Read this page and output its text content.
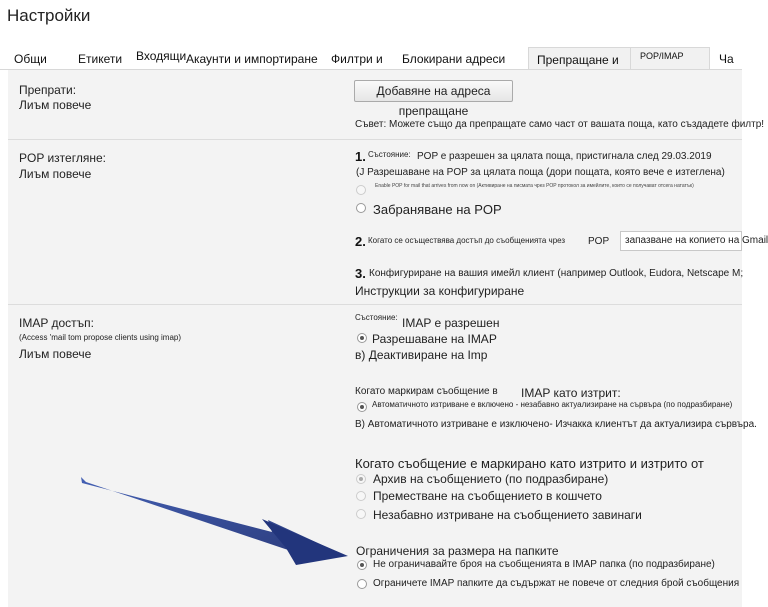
Настройки
Общи	Етикети Входящи Акаунти и импортиране Филтри и Блокирани адреси	Препращане и	POP/IMAP	Ча
Препрати:
Лиъм повече
Добавяне на адреса препращане
Съвет: Можете също да препращате само част от вашата поща, като създадете филтр!
POP изтегляне:
Лиъм повече
1. Състояние: POP е разрешен за цялата поща, пристигнала след 29.03.2019
(J Разрешаване на POP за цялата поща (дори пощата, която вече е изтеглена)
Enable POP for mail that arrives from now on (Активиране на писмата чрез POP протокол за имейлите, които се получават отсега нататък)
Забраняване на POP
2. Когато се осъществява достъп до съобщенията чрез POP	запазване на копието на Gmail
3. Конфигуриране на вашия имейл клиент (например Outlook, Eudora, Netscape M;
Инструкции за конфигуриране
IMAP достъп:
(Access 'mail tom propose clients using imap)
Лиъм повече
Състояние: IMAP е разрешен
Разрешаване на IMAP
в) Деактивиране на Imp
Когато маркирам съобщение в IMAP като изтрит:
Автоматичното изтриване е включено - незабавно актуализиране на сървъра (по подразбиране)
В) Автоматичното изтриване е изключено- Изчакка клиентът да актуализира сървъра.
Когато съобщение е маркирано като изтрито и изтрито от
Архив на съобщението (по подразбиране)
Преместване на съобщението в кошчето
Незабавно изтриване на съобщението завинаги
Ограничения за размера на папките
Не ограничавайте броя на съобщенията в IMAP папка (по подразбиране)
Ограничете IMAP папките да съдържат не повече от следния брой съобщения
